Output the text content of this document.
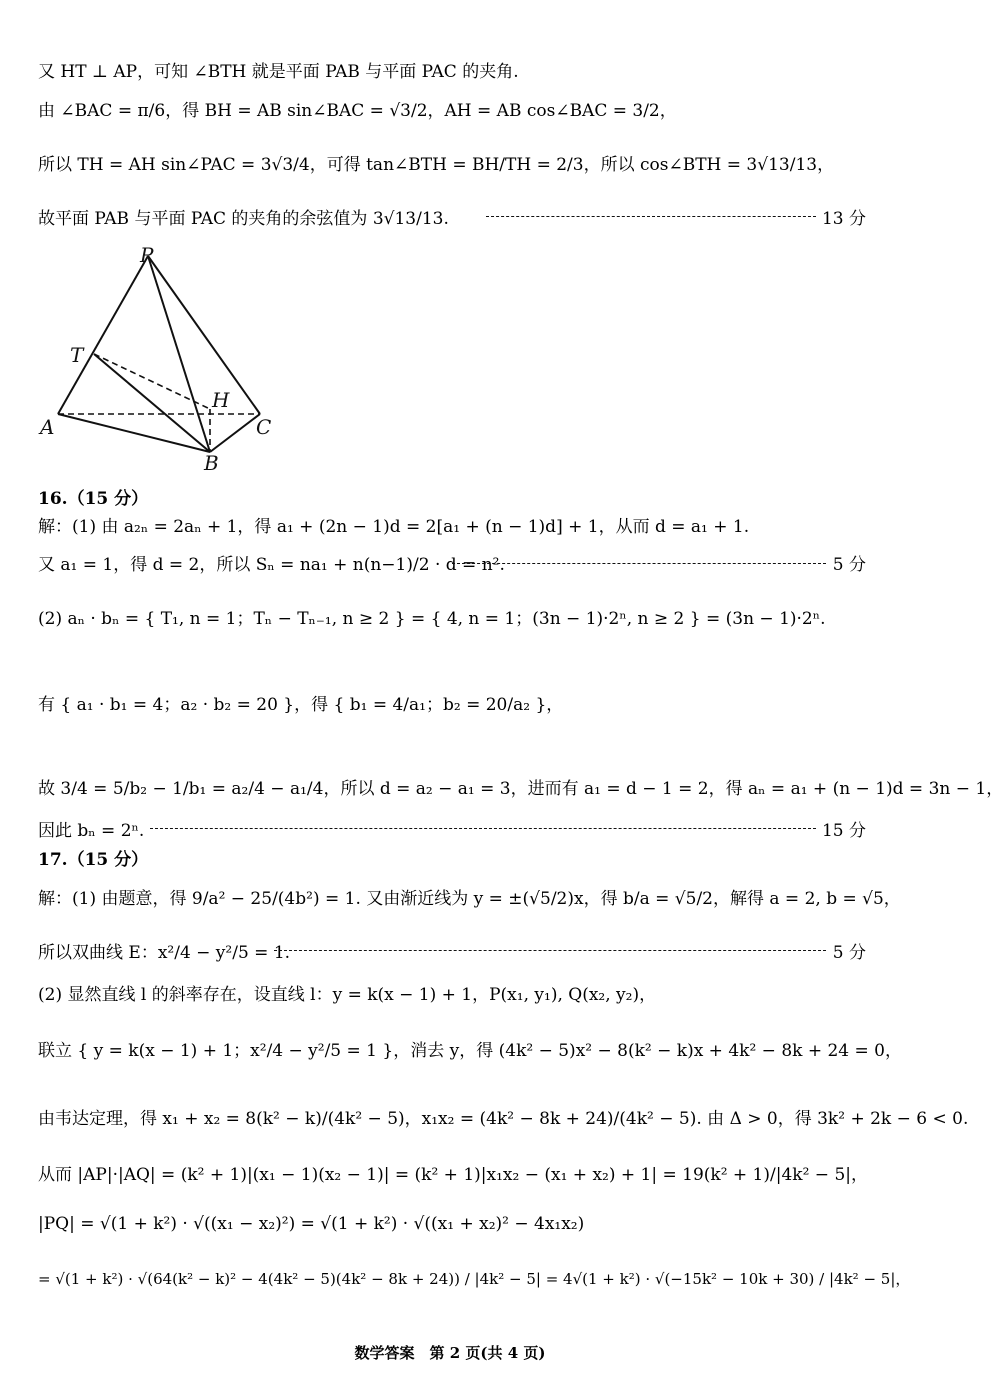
又 HT ⊥ AP，可知 ∠BTH 就是平面 PAB 与平面 PAC 的夹角.
由 ∠BAC = π/6，得 BH = AB sin∠BAC = √3/2，AH = AB cos∠BAC = 3/2，
所以 TH = AH sin∠PAC = 3√3/4，可得 tan∠BTH = BH/TH = 2/3，所以 cos∠BTH = 3√13/13，
故平面 PAB 与平面 PAC 的夹角的余弦值为 3√13/13.	13 分
P
T
H
A	C
B
16.（15 分）
解：(1) 由 a₂ₙ = 2aₙ + 1，得 a₁ + (2n − 1)d = 2[a₁ + (n − 1)d] + 1，从而 d = a₁ + 1.
又 a₁ = 1，得 d = 2，所以 Sₙ = na₁ + n(n−1)/2 · d = n².	5 分
(2) aₙ · bₙ = { T₁, n = 1；Tₙ − Tₙ₋₁, n ≥ 2 } = { 4, n = 1；(3n − 1)·2ⁿ, n ≥ 2 } = (3n − 1)·2ⁿ.
有 { a₁ · b₁ = 4；a₂ · b₂ = 20 }，得 { b₁ = 4/a₁；b₂ = 20/a₂ }，
故 3/4 = 5/b₂ − 1/b₁ = a₂/4 − a₁/4，所以 d = a₂ − a₁ = 3，进而有 a₁ = d − 1 = 2，得 aₙ = a₁ + (n − 1)d = 3n − 1，
因此 bₙ = 2ⁿ.	15 分
17.（15 分）
解：(1) 由题意，得 9/a² − 25/(4b²) = 1. 又由渐近线为 y = ±(√5/2)x，得 b/a = √5/2，解得 a = 2, b = √5，
所以双曲线 E：x²/4 − y²/5 = 1.	5 分
(2) 显然直线 l 的斜率存在，设直线 l：y = k(x − 1) + 1，P(x₁, y₁), Q(x₂, y₂)，
联立 { y = k(x − 1) + 1；x²/4 − y²/5 = 1 }，消去 y，得 (4k² − 5)x² − 8(k² − k)x + 4k² − 8k + 24 = 0，
由韦达定理，得 x₁ + x₂ = 8(k² − k)/(4k² − 5)，x₁x₂ = (4k² − 8k + 24)/(4k² − 5). 由 Δ > 0，得 3k² + 2k − 6 < 0.
从而 |AP|·|AQ| = (k² + 1)|(x₁ − 1)(x₂ − 1)| = (k² + 1)|x₁x₂ − (x₁ + x₂) + 1| = 19(k² + 1)/|4k² − 5|，
|PQ| = √(1 + k²) · √((x₁ − x₂)²) = √(1 + k²) · √((x₁ + x₂)² − 4x₁x₂)
= √(1 + k²) · √(64(k² − k)² − 4(4k² − 5)(4k² − 8k + 24)) / |4k² − 5| = 4√(1 + k²) · √(−15k² − 10k + 30) / |4k² − 5|，
数学答案　第 2 页(共 4 页)
